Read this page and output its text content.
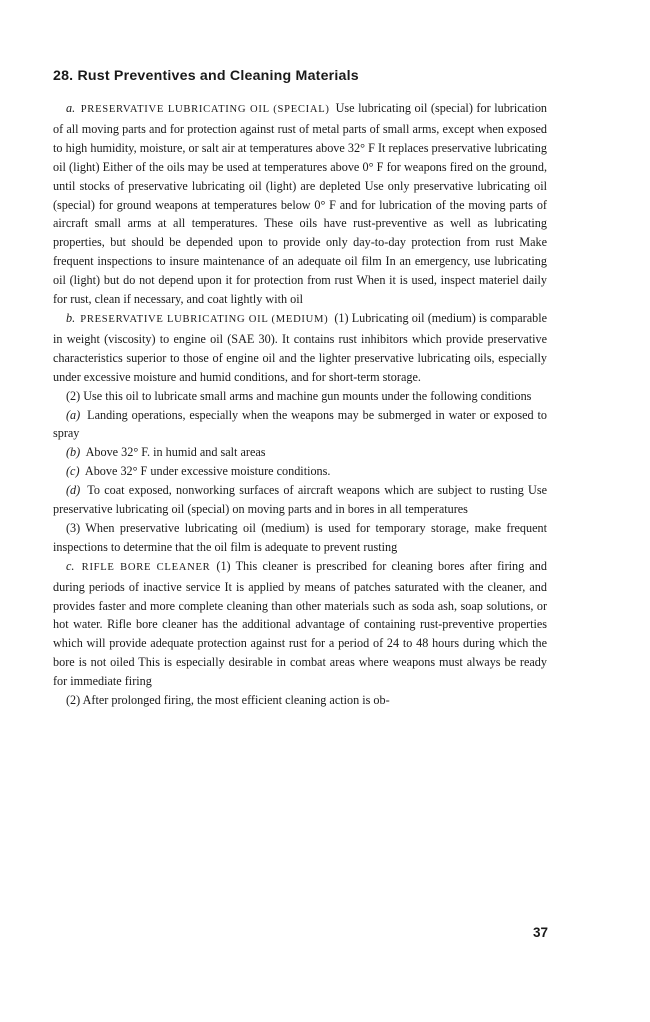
28. Rust Preventives and Cleaning Materials

a. PRESERVATIVE LUBRICATING OIL (SPECIAL) Use lubricating oil (special) for lubrication of all moving parts and for protection against rust of metal parts of small arms, except when exposed to high humidity, moisture, or salt air at temperatures above 32° F It replaces preservative lubricating oil (light) Either of the oils may be used at temperatures above 0° F for weapons fired on the ground, until stocks of preservative lubricating oil (light) are depleted Use only preservative lubricating oil (special) for ground weapons at temperatures below 0° F and for lubrication of the moving parts of aircraft small arms at all temperatures. These oils have rust-preventive as well as lubricating properties, but should be depended upon to provide only day-to-day protection from rust Make frequent inspections to insure maintenance of an adequate oil film In an emergency, use lubricating oil (light) but do not depend upon it for protection from rust When it is used, inspect materiel daily for rust, clean if necessary, and coat lightly with oil

b. PRESERVATIVE LUBRICATING OIL (MEDIUM) (1) Lubricating oil (medium) is comparable in weight (viscosity) to engine oil (SAE 30). It contains rust inhibitors which provide preservative characteristics superior to those of engine oil and the lighter preservative lubricating oils, especially under excessive moisture and humid conditions, and for short-term storage.

(2) Use this oil to lubricate small arms and machine gun mounts under the following conditions

(a) Landing operations, especially when the weapons may be submerged in water or exposed to spray

(b) Above 32° F. in humid and salt areas

(c) Above 32° F under excessive moisture conditions.

(d) To coat exposed, nonworking surfaces of aircraft weapons which are subject to rusting Use preservative lubricating oil (special) on moving parts and in bores in all temperatures

(3) When preservative lubricating oil (medium) is used for temporary storage, make frequent inspections to determine that the oil film is adequate to prevent rusting

c. RIFLE BORE CLEANER (1) This cleaner is prescribed for cleaning bores after firing and during periods of inactive service It is applied by means of patches saturated with the cleaner, and provides faster and more complete cleaning than other materials such as soda ash, soap solutions, or hot water. Rifle bore cleaner has the additional advantage of containing rust-preventive properties which will provide adequate protection against rust for a period of 24 to 48 hours during which the bore is not oiled This is especially desirable in combat areas where weapons must always be ready for immediate firing

(2) After prolonged firing, the most efficient cleaning action is ob-

37
